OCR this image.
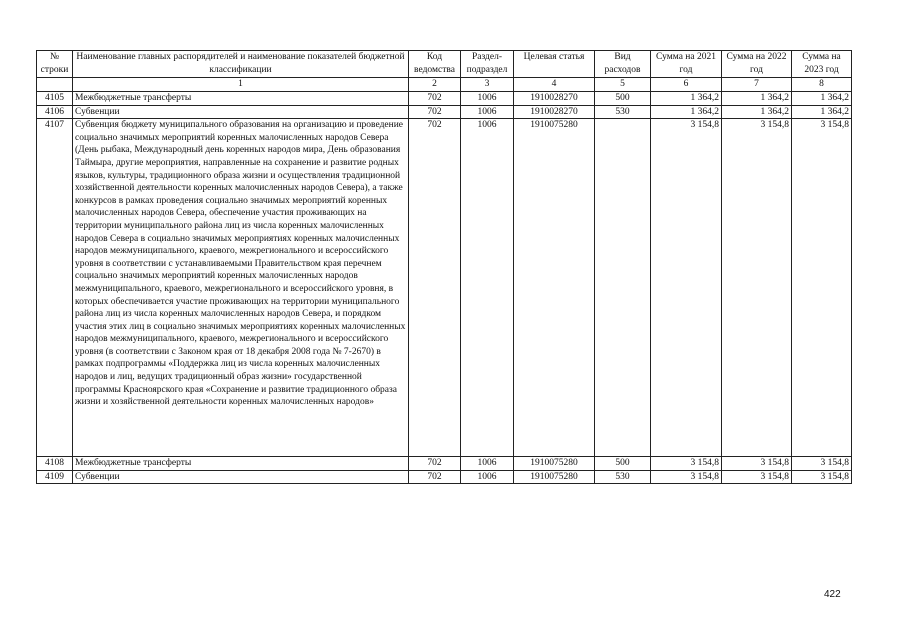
№ строки	Наименование главных распорядителей и наименование показателей бюджетной классификации	Код ведомства	Раздел-подраздел	Целевая статья	Вид расходов	Сумма на 2021 год	Сумма на 2022 год	Сумма на 2023 год
	1	2	3	4	5	6	7	8
4105	Межбюджетные трансферты	702	1006	1910028270	500	1 364,2	1 364,2	1 364,2
4106	Субвенции	702	1006	1910028270	530	1 364,2	1 364,2	1 364,2
4107	Субвенция бюджету муниципального образования на организацию и проведение социально значимых мероприятий коренных малочисленных народов Севера (День рыбака, Международный день коренных народов мира, День образования Таймыра, другие мероприятия, направленные на сохранение и развитие родных языков, культуры, традиционного образа жизни и осуществления традиционной хозяйственной деятельности коренных малочисленных народов Севера), а также конкурсов в рамках проведения социально значимых мероприятий коренных малочисленных народов Севера, обеспечение участия проживающих на территории муниципального района лиц из числа коренных малочисленных народов Севера в социально значимых мероприятиях коренных малочисленных народов межмуниципального, краевого, межрегионального и всероссийского уровня в соответствии с устанавливаемыми Правительством края перечнем социально значимых мероприятий коренных малочисленных народов межмуниципального, краевого, межрегионального и всероссийского уровня, в которых обеспечивается участие проживающих на территории муниципального района лиц из числа коренных малочисленных народов Севера, и порядком участия этих лиц в социально значимых мероприятиях коренных малочисленных народов межмуниципального, краевого, межрегионального и всероссийского уровня (в соответствии с Законом края от 18 декабря 2008 года № 7-2670) в рамках подпрограммы «Поддержка лиц из числа коренных малочисленных народов и лиц, ведущих традиционный образ жизни» государственной программы Красноярского края «Сохранение и развитие традиционного образа жизни и хозяйственной деятельности коренных малочисленных народов»	702	1006	1910075280		3 154,8	3 154,8	3 154,8
4108	Межбюджетные трансферты	702	1006	1910075280	500	3 154,8	3 154,8	3 154,8
4109	Субвенции	702	1006	1910075280	530	3 154,8	3 154,8	3 154,8
422
